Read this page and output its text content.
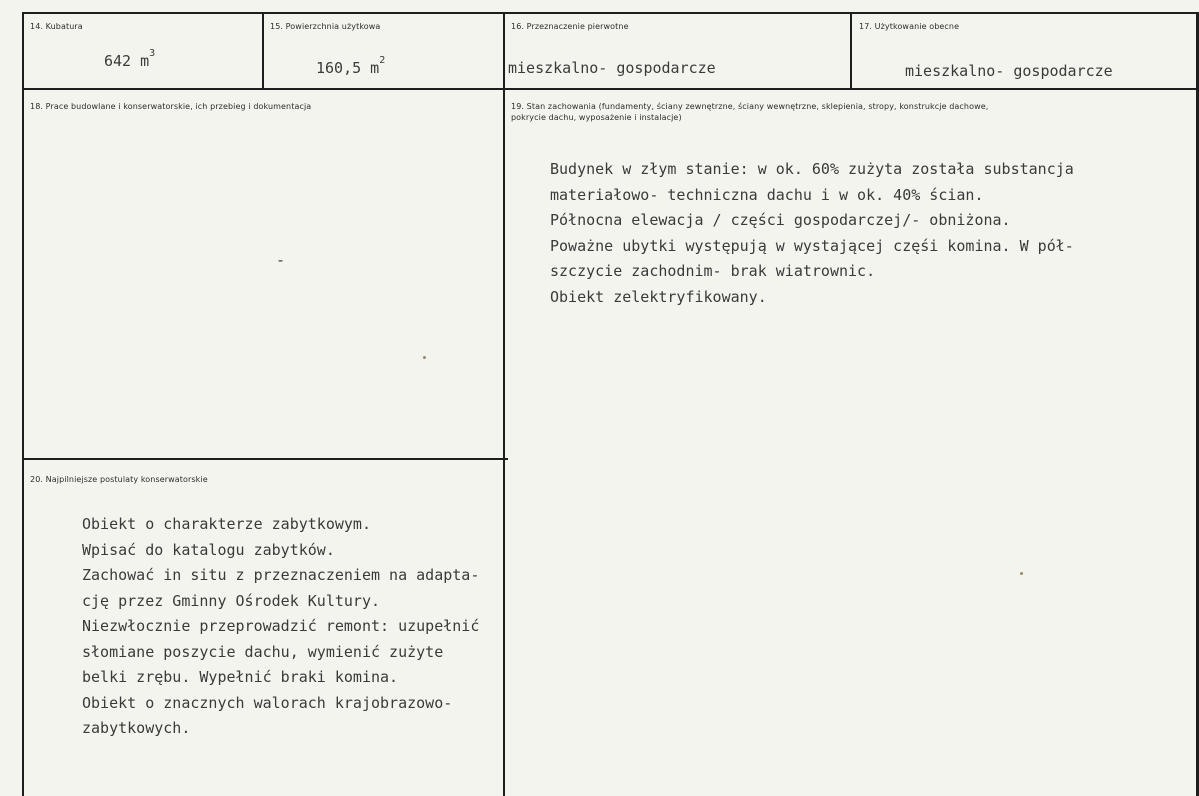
14. Kubatura
642 $m^3$
15. Powierzchnia użytkowa
160,5 $m^2$
16. Przeznaczenie pierwotne
mieszkalno- gospodarcze
17. Użytkowanie obecne
mieszkalno- gospodarcze
18. Prace budowlane i konserwatorskie, ich przebieg i dokumentacja
-
19. Stan zachowania (fundamenty, ściany zewnętrzne, ściany wewnętrzne, sklepienia, stropy, konstrukcje dachowe, pokrycie dachu, wyposażenie i instalacje)
Budynek w złym stanie: w ok. 60% zużyta została substancja
materiałowo- techniczna dachu i w ok. 40% ścian.
Północna elewacja / części gospodarczej/- obniżona.
Poważne ubytki występują w wystającej częśi komina. W pół-
szczycie zachodnim- brak wiatrownic.
Obiekt zelektryfikowany.
20. Najpilniejsze postulaty konserwatorskie
Obiekt o charakterze zabytkowym.
Wpisać do katalogu zabytków.
Zachować in situ z przeznaczeniem na adapta-
cję przez Gminny Ośrodek Kultury.
Niezwłocznie przeprowadzić remont: uzupełnić
słomiane poszycie dachu, wymienić zużyte
belki zrębu. Wypełnić braki komina.
Obiekt o znacznych walorach krajobrazowo-
zabytkowych.
